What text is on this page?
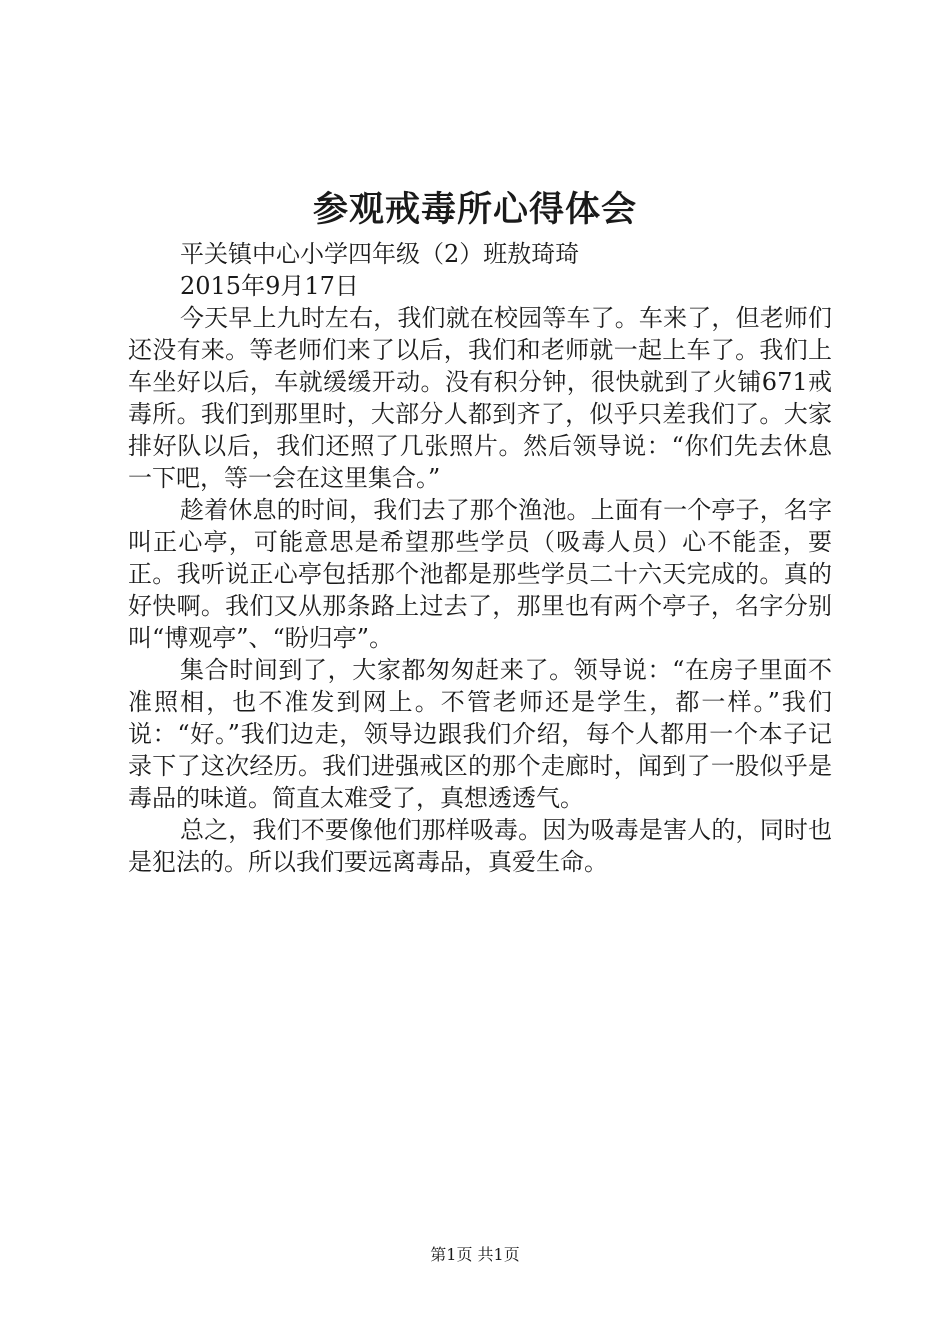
参观戒毒所心得体会
平关镇中心小学四年级（2）班敖琦琦
2015年9月17日

今天早上九时左右，我们就在校园等车了。车来了，但老师们还没有来。等老师们来了以后，我们和老师就一起上车了。我们上车坐好以后，车就缓缓开动。没有积分钟，很快就到了火铺671戒毒所。我们到那里时，大部分人都到齐了，似乎只差我们了。大家排好队以后，我们还照了几张照片。然后领导说：“你们先去休息一下吧，等一会在这里集合。”

趁着休息的时间，我们去了那个渔池。上面有一个亭子，名字叫正心亭，可能意思是希望那些学员（吸毒人员）心不能歪，要正。我听说正心亭包括那个池都是那些学员二十六天完成的。真的好快啊。我们又从那条路上过去了，那里也有两个亭子，名字分别叫“博观亭”、“盼归亭”。

集合时间到了，大家都匆匆赶来了。领导说：“在房子里面不准照相，也不准发到网上。不管老师还是学生，都一样。”我们说：“好。”我们边走，领导边跟我们介绍，每个人都用一个本子记录下了这次经历。我们进强戒区的那个走廊时，闻到了一股似乎是毒品的味道。简直太难受了，真想透透气。

总之，我们不要像他们那样吸毒。因为吸毒是害人的，同时也是犯法的。所以我们要远离毒品，真爱生命。

第1页 共1页
